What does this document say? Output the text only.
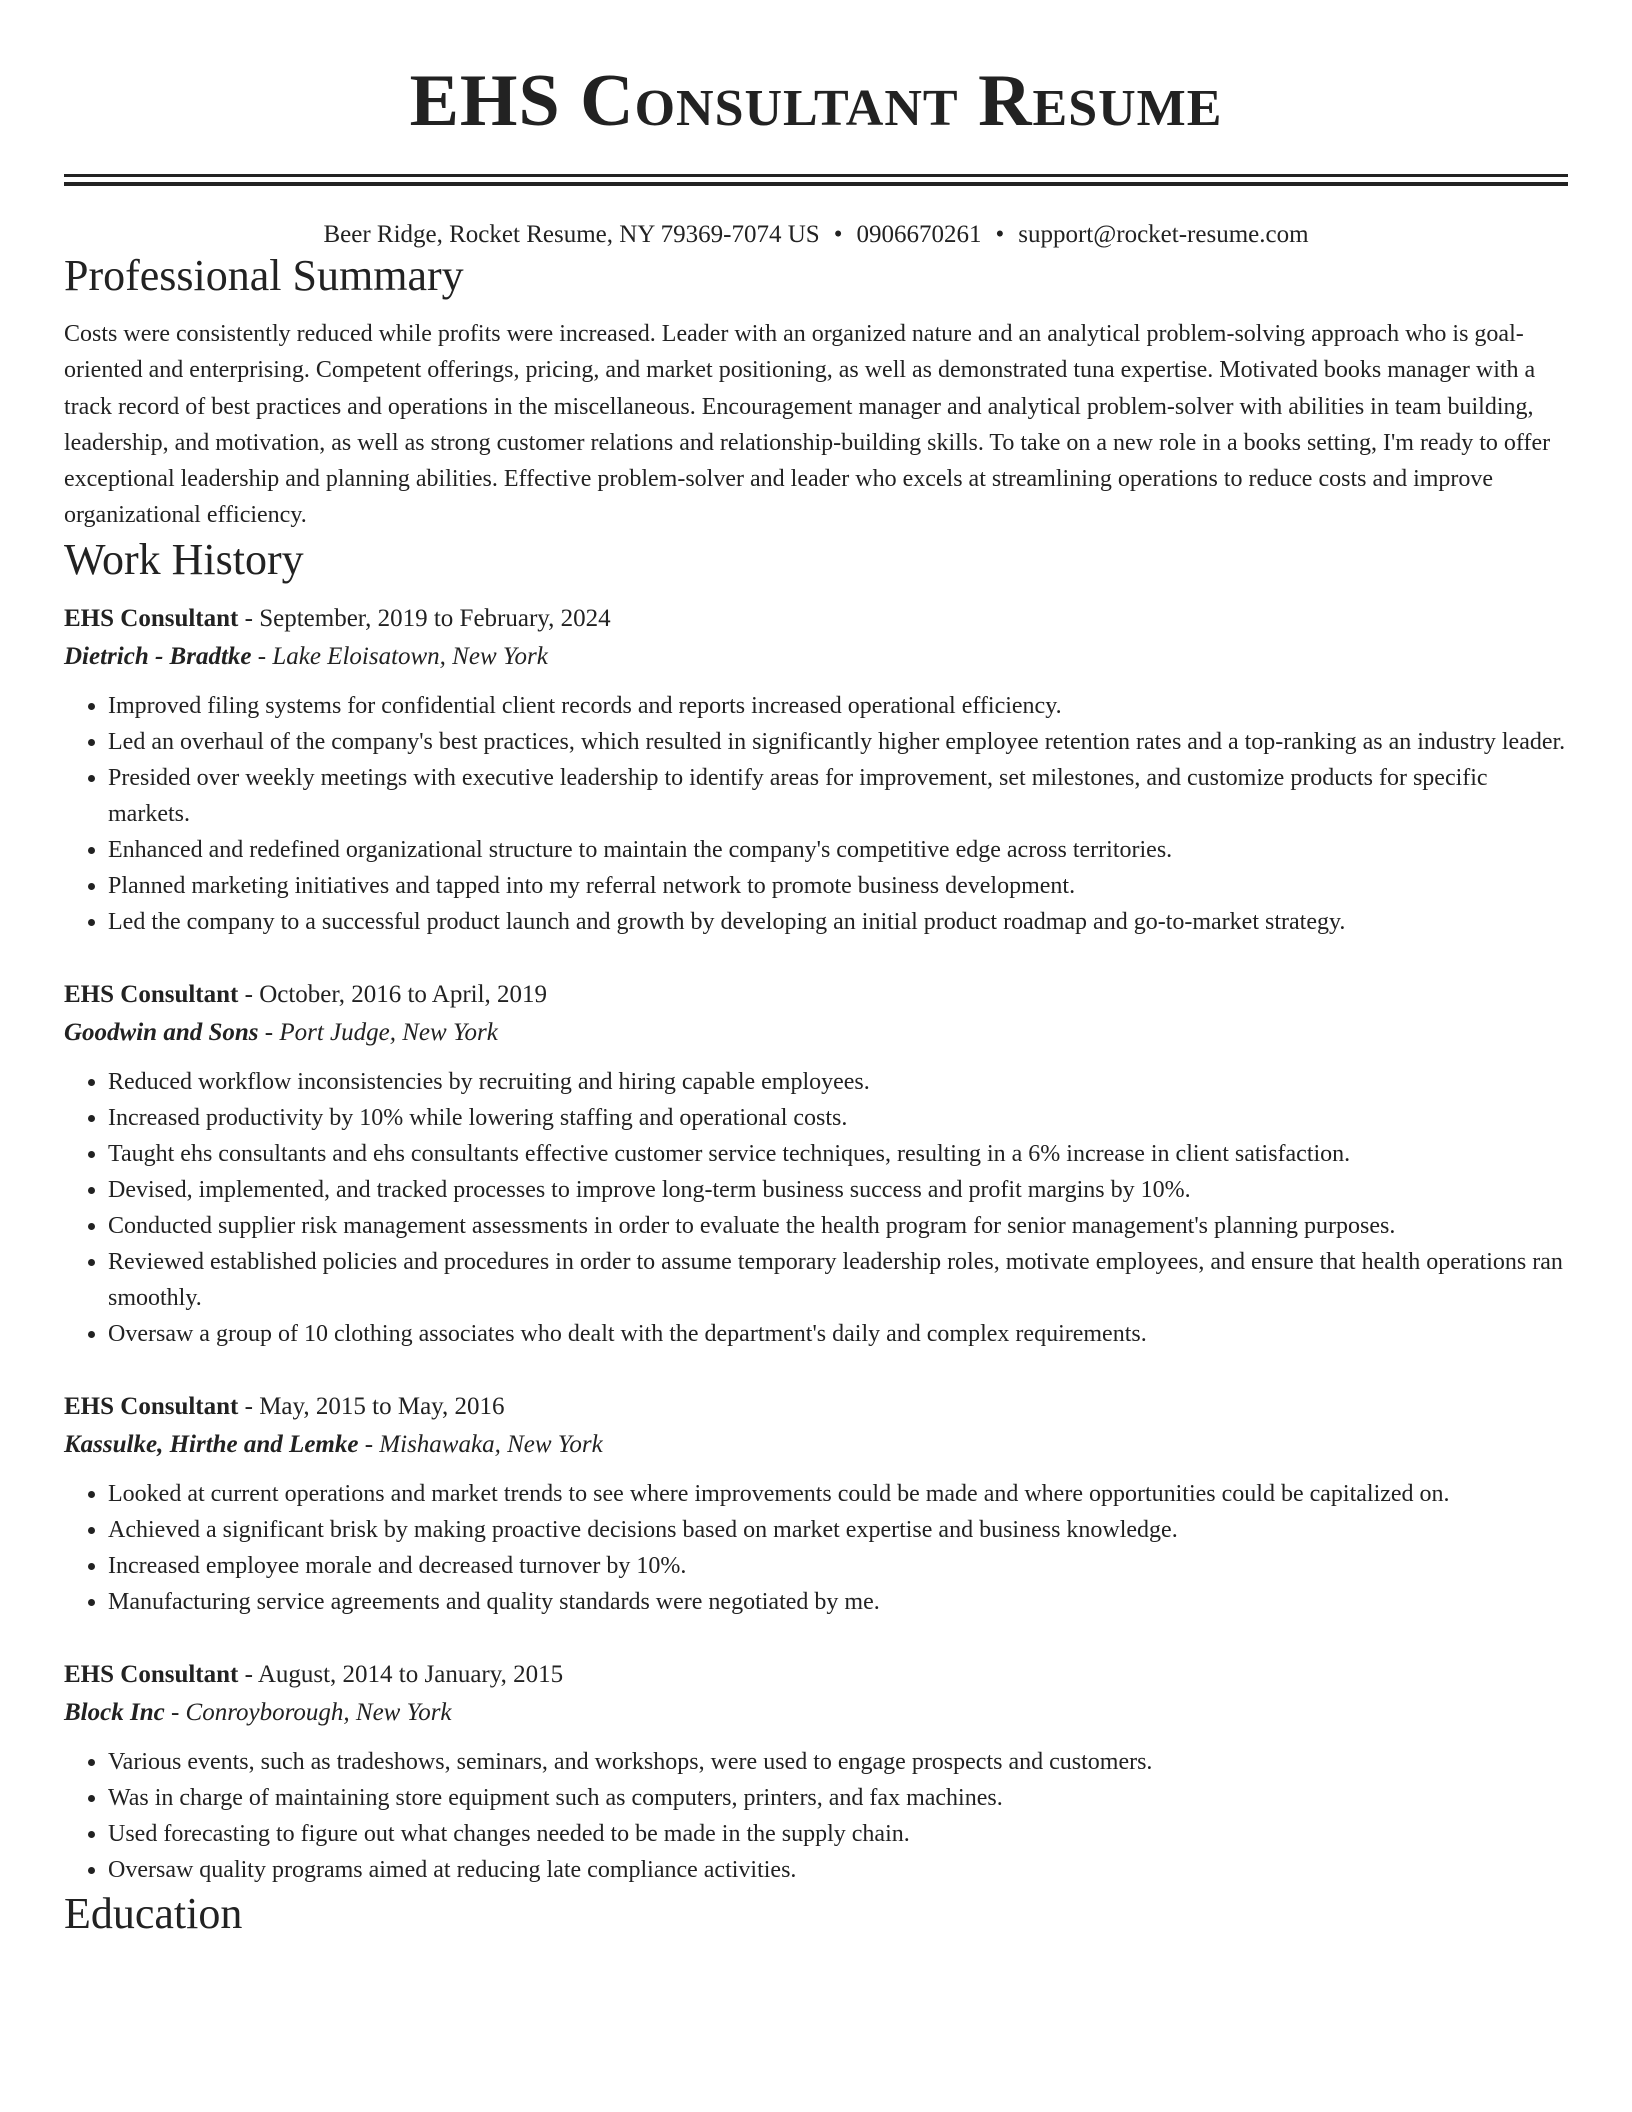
EHS Consultant Resume
Beer Ridge, Rocket Resume, NY 79369-7074 US • 0906670261 • support@rocket-resume.com
Professional Summary
Costs were consistently reduced while profits were increased. Leader with an organized nature and an analytical problem-solving approach who is goal-oriented and enterprising. Competent offerings, pricing, and market positioning, as well as demonstrated tuna expertise. Motivated books manager with a track record of best practices and operations in the miscellaneous. Encouragement manager and analytical problem-solver with abilities in team building, leadership, and motivation, as well as strong customer relations and relationship-building skills. To take on a new role in a books setting, I'm ready to offer exceptional leadership and planning abilities. Effective problem-solver and leader who excels at streamlining operations to reduce costs and improve organizational efficiency.
Work History
EHS Consultant - September, 2019 to February, 2024
Dietrich - Bradtke - Lake Eloisatown, New York
• Improved filing systems for confidential client records and reports increased operational efficiency.
• Led an overhaul of the company's best practices, which resulted in significantly higher employee retention rates and a top-ranking as an industry leader.
• Presided over weekly meetings with executive leadership to identify areas for improvement, set milestones, and customize products for specific markets.
• Enhanced and redefined organizational structure to maintain the company's competitive edge across territories.
• Planned marketing initiatives and tapped into my referral network to promote business development.
• Led the company to a successful product launch and growth by developing an initial product roadmap and go-to-market strategy.
EHS Consultant - October, 2016 to April, 2019
Goodwin and Sons - Port Judge, New York
• Reduced workflow inconsistencies by recruiting and hiring capable employees.
• Increased productivity by 10% while lowering staffing and operational costs.
• Taught ehs consultants and ehs consultants effective customer service techniques, resulting in a 6% increase in client satisfaction.
• Devised, implemented, and tracked processes to improve long-term business success and profit margins by 10%.
• Conducted supplier risk management assessments in order to evaluate the health program for senior management's planning purposes.
• Reviewed established policies and procedures in order to assume temporary leadership roles, motivate employees, and ensure that health operations ran smoothly.
• Oversaw a group of 10 clothing associates who dealt with the department's daily and complex requirements.
EHS Consultant - May, 2015 to May, 2016
Kassulke, Hirthe and Lemke - Mishawaka, New York
• Looked at current operations and market trends to see where improvements could be made and where opportunities could be capitalized on.
• Achieved a significant brisk by making proactive decisions based on market expertise and business knowledge.
• Increased employee morale and decreased turnover by 10%.
• Manufacturing service agreements and quality standards were negotiated by me.
EHS Consultant - August, 2014 to January, 2015
Block Inc - Conroyborough, New York
• Various events, such as tradeshows, seminars, and workshops, were used to engage prospects and customers.
• Was in charge of maintaining store equipment such as computers, printers, and fax machines.
• Used forecasting to figure out what changes needed to be made in the supply chain.
• Oversaw quality programs aimed at reducing late compliance activities.
Education
